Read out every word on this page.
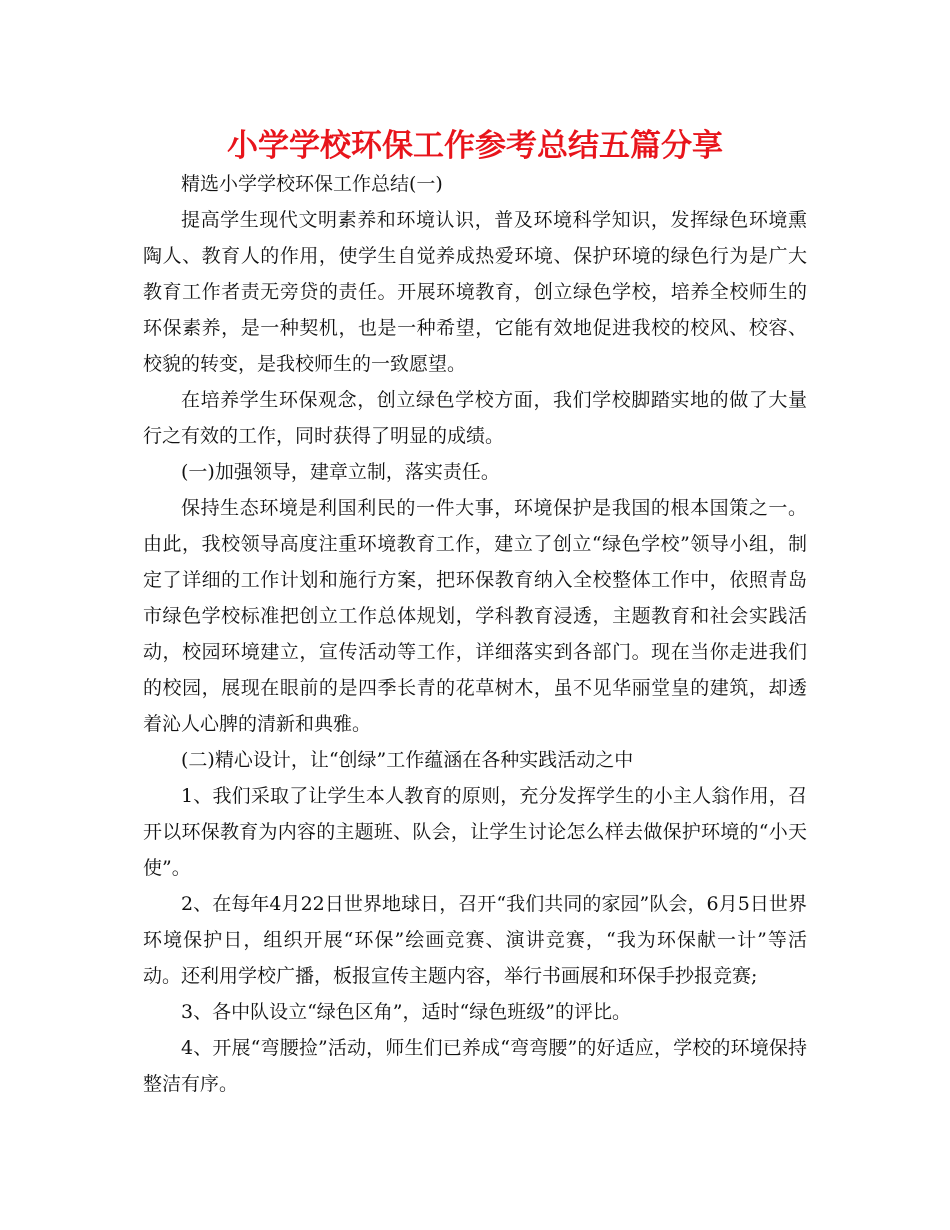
小学学校环保工作参考总结五篇分享

精选小学学校环保工作总结(一)

提高学生现代文明素养和环境认识，普及环境科学知识，发挥绿色环境熏陶人、教育人的作用，使学生自觉养成热爱环境、保护环境的绿色行为是广大教育工作者责无旁贷的责任。开展环境教育，创立绿色学校，培养全校师生的环保素养，是一种契机，也是一种希望，它能有效地促进我校的校风、校容、校貌的转变，是我校师生的一致愿望。

在培养学生环保观念，创立绿色学校方面，我们学校脚踏实地的做了大量行之有效的工作，同时获得了明显的成绩。

(一)加强领导，建章立制，落实责任。

保持生态环境是利国利民的一件大事，环境保护是我国的根本国策之一。由此，我校领导高度注重环境教育工作，建立了创立“绿色学校”领导小组，制定了详细的工作计划和施行方案，把环保教育纳入全校整体工作中，依照青岛市绿色学校标准把创立工作总体规划，学科教育浸透，主题教育和社会实践活动，校园环境建立，宣传活动等工作，详细落实到各部门。现在当你走进我们的校园，展现在眼前的是四季长青的花草树木，虽不见华丽堂皇的建筑，却透着沁人心脾的清新和典雅。

(二)精心设计，让“创绿”工作蕴涵在各种实践活动之中

1、我们采取了让学生本人教育的原则，充分发挥学生的小主人翁作用，召开以环保教育为内容的主题班、队会，让学生讨论怎么样去做保护环境的“小天使”。

2、在每年4月22日世界地球日，召开“我们共同的家园”队会，6月5日世界环境保护日，组织开展“环保”绘画竞赛、演讲竞赛，“我为环保献一计”等活动。还利用学校广播，板报宣传主题内容，举行书画展和环保手抄报竞赛;

3、各中队设立“绿色区角”，适时“绿色班级”的评比。

4、开展“弯腰捡”活动，师生们已养成“弯弯腰”的好适应，学校的环境保持整洁有序。
